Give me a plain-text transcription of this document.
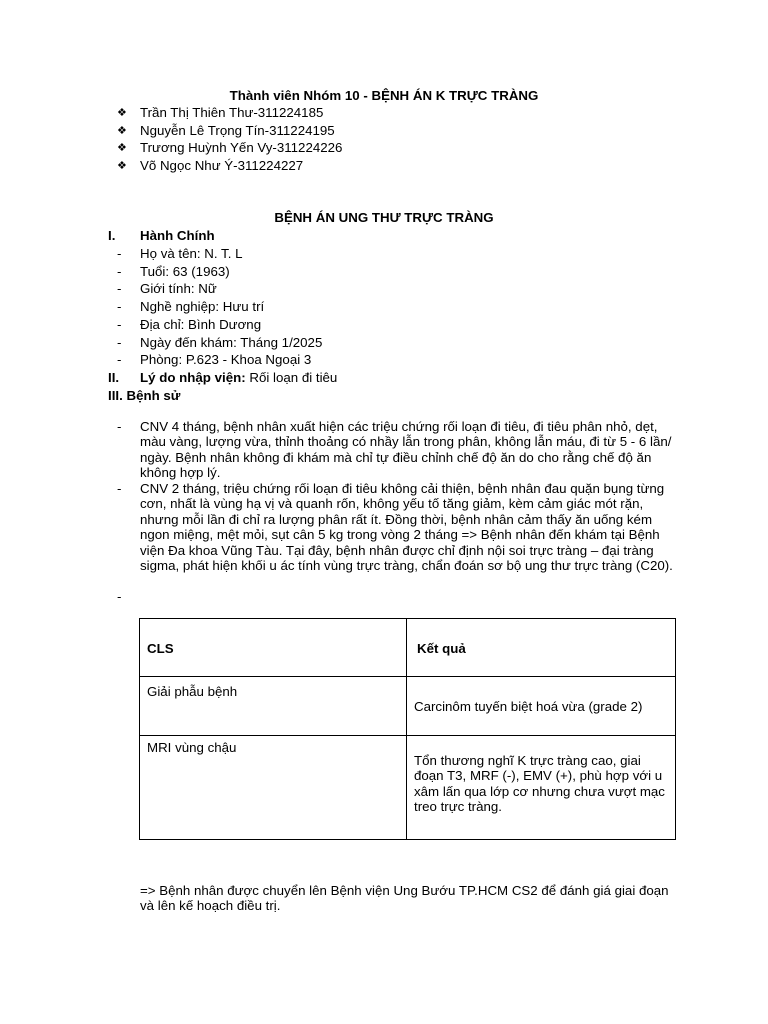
Thành viên Nhóm 10 - BỆNH ÁN K TRỰC TRÀNG
❖ Trần Thị Thiên Thư-311224185
❖ Nguyễn Lê Trọng Tín-311224195
❖ Trương Huỳnh Yến Vy-311224226
❖ Võ Ngọc Như Ý-311224227
BỆNH ÁN UNG THƯ TRỰC TRÀNG
I. Hành Chính
- Họ và tên: N. T. L
- Tuổi: 63 (1963)
- Giới tính: Nữ
- Nghề nghiệp: Hưu trí
- Địa chỉ: Bình Dương
- Ngày đến khám: Tháng 1/2025
- Phòng: P.623 - Khoa Ngoại 3
II. Lý do nhập viện: Rối loạn đi tiêu
III. Bệnh sử
- CNV 4 tháng, bệnh nhân xuất hiện các triệu chứng rối loạn đi tiêu, đi tiêu phân nhỏ, dẹt, màu vàng, lượng vừa, thỉnh thoảng có nhầy lẫn trong phân, không lẫn máu, đi từ 5 - 6 lần/ ngày. Bệnh nhân không đi khám mà chỉ tự điều chỉnh chế độ ăn do cho rằng chế độ ăn không hợp lý.
- CNV 2 tháng, triệu chứng rối loạn đi tiêu không cải thiện, bệnh nhân đau quặn bụng từng cơn, nhất là vùng hạ vị và quanh rốn, không yếu tố tăng giảm, kèm cảm giác mót rặn, nhưng mỗi lần đi chỉ ra lượng phân rất ít. Đồng thời, bệnh nhân cảm thấy ăn uống kém ngon miệng, mệt mỏi, sụt cân 5 kg trong vòng 2 tháng => Bệnh nhân đến khám tại Bệnh viện Đa khoa Vũng Tàu. Tại đây, bệnh nhân được chỉ định nội soi trực tràng – đại tràng sigma, phát hiện khối u ác tính vùng trực tràng, chẩn đoán sơ bộ ung thư trực tràng (C20).
-
CLS	Kết quả

Giải phẫu bệnh	Carcinôm tuyến biệt hoá vừa (grade 2)

MRI vùng chậu	Tổn thương nghĩ K trực tràng cao, giai đoạn T3, MRF (-), EMV (+), phù hợp với u xâm lấn qua lớp cơ nhưng chưa vượt mạc treo trực tràng.
=> Bệnh nhân được chuyển lên Bệnh viện Ung Bướu TP.HCM CS2 để đánh giá giai đoạn và lên kế hoạch điều trị.
